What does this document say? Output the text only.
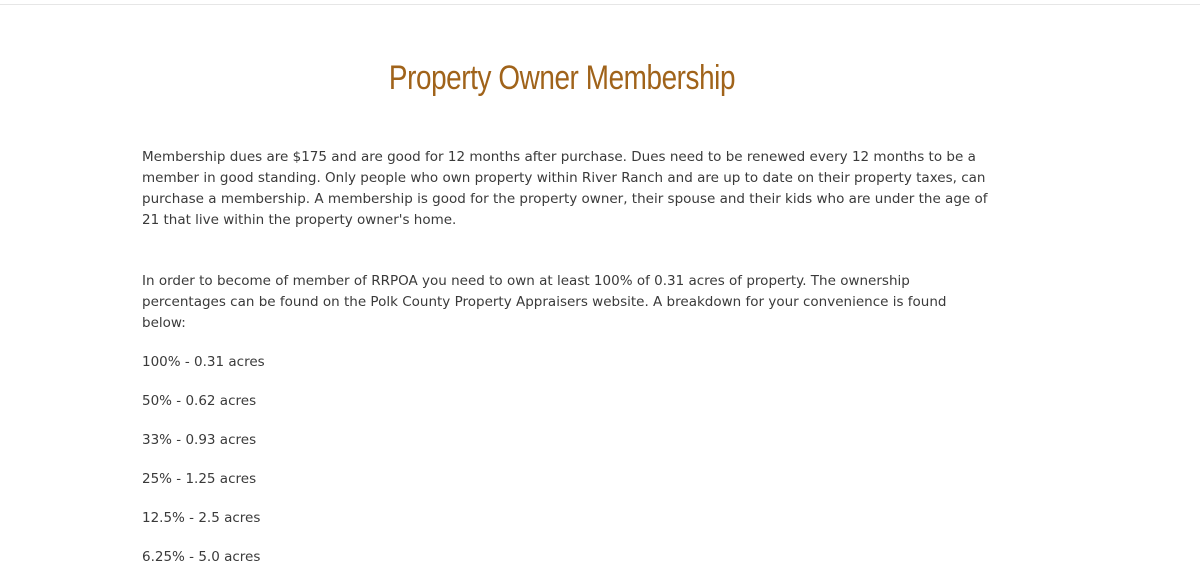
Property Owner Membership

Membership dues are $175 and are good for 12 months after purchase. Dues need to be renewed every 12 months to be a member in good standing. Only people who own property within River Ranch and are up to date on their property taxes, can purchase a membership. A membership is good for the property owner, their spouse and their kids who are under the age of 21 that live within the property owner's home.

In order to become of member of RRPOA you need to own at least 100% of 0.31 acres of property. The ownership percentages can be found on the Polk County Property Appraisers website. A breakdown for your convenience is found below:

100% - 0.31 acres
50% - 0.62 acres
33% - 0.93 acres
25% - 1.25 acres
12.5% - 2.5 acres
6.25% - 5.0 acres
